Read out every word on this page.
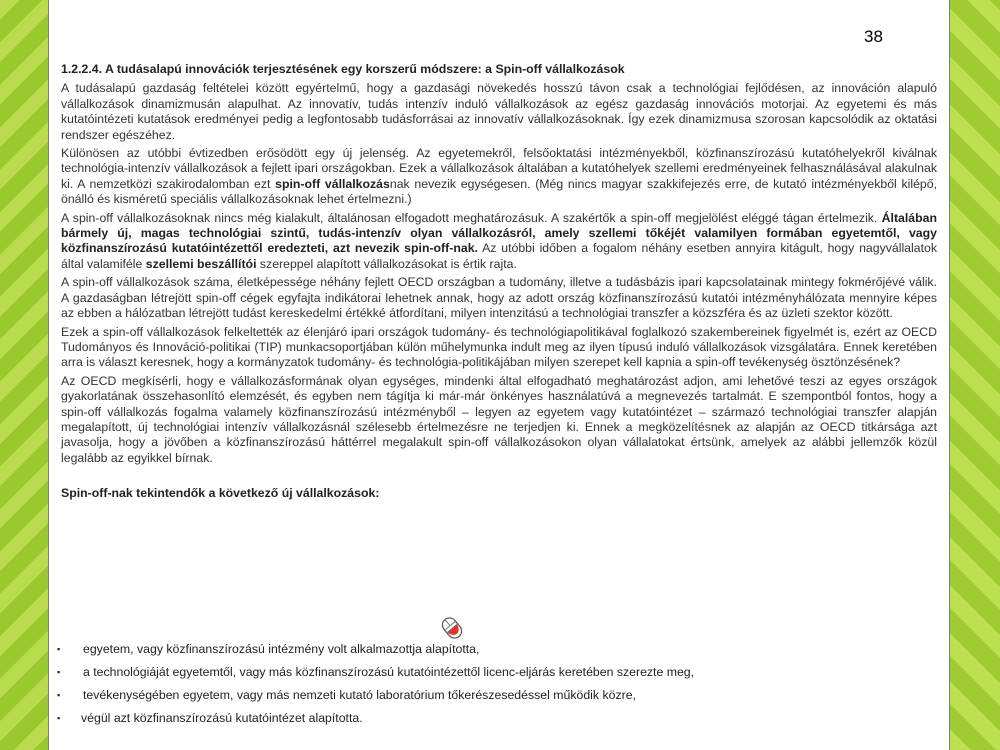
38
1.2.2.4. A tudásalapú innovációk terjesztésének egy korszerű módszere: a Spin-off vállalkozások
A tudásalapú gazdaság feltételei között egyértelmű, hogy a gazdasági növekedés hosszú távon csak a technológiai fejlődésen, az innováción alapuló vállalkozások dinamizmusán alapulhat. Az innovatív, tudás intenzív induló vállalkozások az egész gazdaság innovációs motorjai. Az egyetemi és más kutatóintézeti kutatások eredményei pedig a legfontosabb tudásforrásai az innovatív vállalkozásoknak. Így ezek dinamizmusa szorosan kapcsolódik az oktatási rendszer egészéhez.
Különösen az utóbbi évtizedben erősödött egy új jelenség. Az egyetemekről, felsőoktatási intézményekből, közfinanszírozású kutatóhelyekről kiválnak technológia-intenzív vállalkozások a fejlett ipari országokban. Ezek a vállalkozások általában a kutatóhelyek szellemi eredményeinek felhasználásával alakulnak ki. A nemzetközi szakirodalomban ezt spin-off vállalkozásnak nevezik egységesen. (Még nincs magyar szakkifejezés erre, de kutató intézményekből kilépő, önálló és kisméretű speciális vállalkozásoknak lehet értelmezni.)
A spin-off vállalkozásoknak nincs még kialakult, általánosan elfogadott meghatározásuk. A szakértők a spin-off megjelölést eléggé tágan értelmezik. Általában bármely új, magas technológiai szintű, tudás-intenzív olyan vállalkozásról, amely szellemi tőkéjét valamilyen formában egyetemtől, vagy közfinanszírozású kutatóintézettől eredezteti, azt nevezik spin-off-nak. Az utóbbi időben a fogalom néhány esetben annyira kitágult, hogy nagyvállalatok által valamiféle szellemi beszállítói szereppel alapított vállalkozásokat is értik rajta.
A spin-off vállalkozások száma, életképessége néhány fejlett OECD országban a tudomány, illetve a tudásbázis ipari kapcsolatainak mintegy fokmérőjévé válik. A gazdaságban létrejött spin-off cégek egyfajta indikátorai lehetnek annak, hogy az adott ország közfinanszírozású kutatói intézményhálózata mennyire képes az ebben a hálózatban létrejött tudást kereskedelmi értékké átfordítani, milyen intenzitású a technológiai transzfer a közszféra és az üzleti szektor között.
Ezek a spin-off vállalkozások felkeltették az élenjáró ipari országok tudomány- és technológiapolitikával foglalkozó szakembereinek figyelmét is, ezért az OECD Tudományos és Innováció-politikai (TIP) munkacsoportjában külön műhelymunka indult meg az ilyen típusú induló vállalkozások vizsgálatára. Ennek keretében arra is választ keresnek, hogy a kormányzatok tudomány- és technológia-politikájában milyen szerepet kell kapnia a spin-off tevékenység ösztönzésének?
Az OECD megkísérli, hogy e vállalkozásformának olyan egységes, mindenki által elfogadható meghatározást adjon, ami lehetővé teszi az egyes országok gyakorlatának összehasonlító elemzését, és egyben nem tágítja ki már-már önkényes használatúvá a megnevezés tartalmát. E szempontból fontos, hogy a spin-off vállalkozás fogalma valamely közfinanszírozású intézményből – legyen az egyetem vagy kutatóintézet – származó technológiai transzfer alapján megalapított, új technológiai intenzív vállalkozásnál szélesebb értelmezésre ne terjedjen ki. Ennek a megközelítésnek az alapján az OECD titkársága azt javasolja, hogy a jövőben a közfinanszírozású háttérrel megalakult spin-off vállalkozásokon olyan vállalatokat értsünk, amelyek az alábbi jellemzők közül legalább az egyikkel bírnak.
Spin-off-nak tekintendők a következő új vállalkozások:
▪ egyetem, vagy közfinanszírozású intézmény volt alkalmazottja alapította,
▪ a technológiáját egyetemtől, vagy más közfinanszírozású kutatóintézettől licenc-eljárás keretében szerezte meg,
▪ tevékenységében egyetem, vagy más nemzeti kutató laboratórium tőkerészesedéssel működik közre,
▪ végül azt közfinanszírozású kutatóintézet alapította.
